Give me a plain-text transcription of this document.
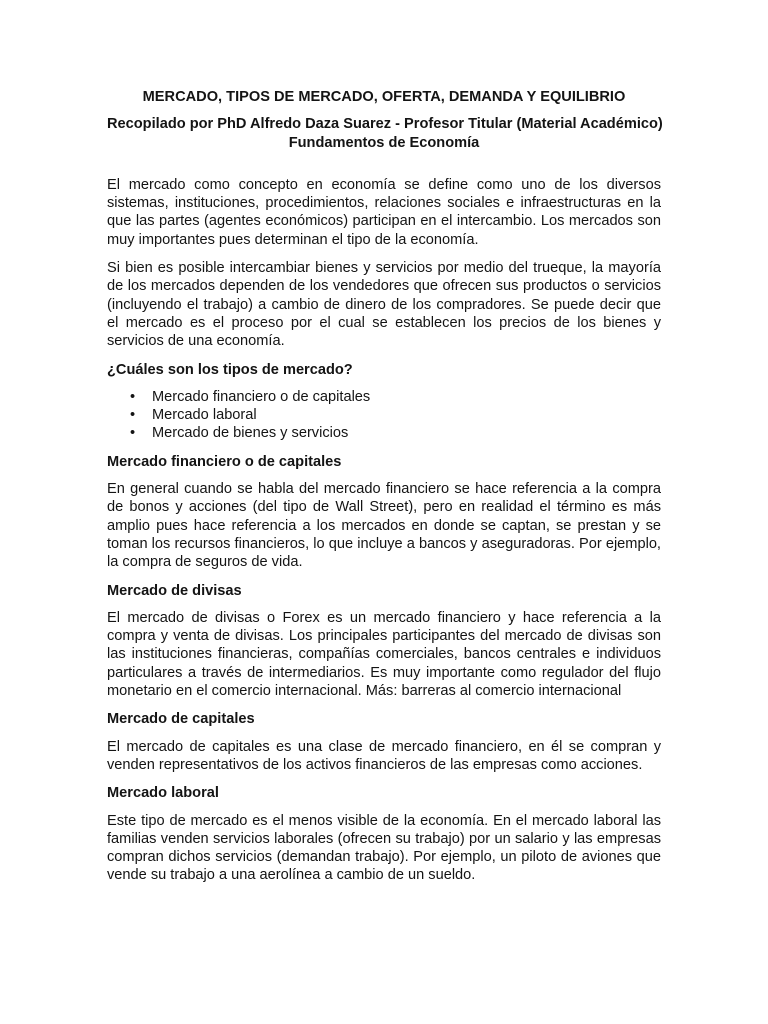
MERCADO, TIPOS DE MERCADO, OFERTA, DEMANDA Y EQUILIBRIO
Recopilado por PhD Alfredo Daza Suarez - Profesor Titular (Material Académico)
Fundamentos de Economía

El mercado como concepto en economía se define como uno de los diversos sistemas, instituciones, procedimientos, relaciones sociales e infraestructuras en la que las partes (agentes económicos) participan en el intercambio. Los mercados son muy importantes pues determinan el tipo de la economía.

Si bien es posible intercambiar bienes y servicios por medio del trueque, la mayoría de los mercados dependen de los vendedores que ofrecen sus productos o servicios (incluyendo el trabajo) a cambio de dinero de los compradores. Se puede decir que el mercado es el proceso por el cual se establecen los precios de los bienes y servicios de una economía.

¿Cuáles son los tipos de mercado?
• Mercado financiero o de capitales
• Mercado laboral
• Mercado de bienes y servicios
Mercado financiero o de capitales

En general cuando se habla del mercado financiero se hace referencia a la compra de bonos y acciones (del tipo de Wall Street), pero en realidad el término es más amplio pues hace referencia a los mercados en donde se captan, se prestan y se toman los recursos financieros, lo que incluye a bancos y aseguradoras. Por ejemplo, la compra de seguros de vida.

Mercado de divisas

El mercado de divisas o Forex es un mercado financiero y hace referencia a la compra y venta de divisas. Los principales participantes del mercado de divisas son las instituciones financieras, compañías comerciales, bancos centrales e individuos particulares a través de intermediarios. Es muy importante como regulador del flujo monetario en el comercio internacional. Más: barreras al comercio internacional

Mercado de capitales

El mercado de capitales es una clase de mercado financiero, en él se compran y venden representativos de los activos financieros de las empresas como acciones.

Mercado laboral

Este tipo de mercado es el menos visible de la economía. En el mercado laboral las familias venden servicios laborales (ofrecen su trabajo) por un salario y las empresas compran dichos servicios (demandan trabajo). Por ejemplo, un piloto de aviones que vende su trabajo a una aerolínea a cambio de un sueldo.
